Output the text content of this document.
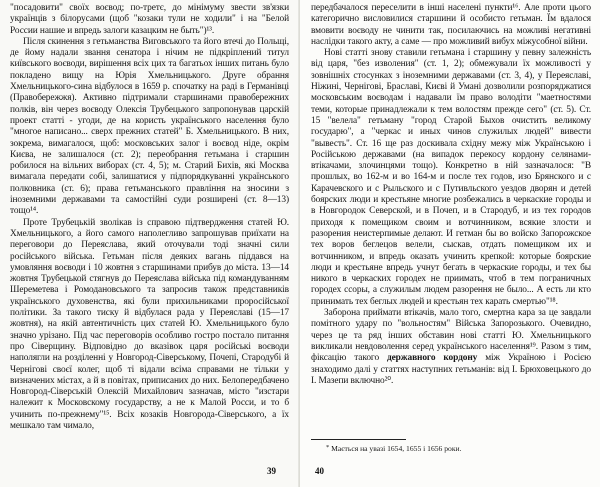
"посадовити" своїх воєвод; по-третє, до мінімуму звести зв'язки українців з білорусами (щоб "козаки тули не ходили" і на "Белой России нашие и впредь залоги казацким не быть")¹³.

Після скинення з гетьманства Виговського та його втечі до Польщі, де йому надали звання сенатора і нічим не підкріплений титул київського воєводи, вирішення всіх цих та багатьох інших питань було покладено вищу на Юрія Хмельницького. Друге обрання Хмельницького-сина відбулося в 1659 р. спочатку на раді в Германівці (Правобережжя). Активно підтримали старшинами правобережних полків, він через воєводу Олексія Трубецького запропонував царскій проект статті - угоди, де на користь українського населення було "многое написано... сверх прежних статей" Б. Хмельницького. В них, зокрема, вимагалося, щоб: московських залог і воєвод ніде, окрім Києва, не залишалося (ст. 2); переобрання гетьмана і старшин робилося на вільних виборах (ст. 4, 5); м. Старий Бихів, які Москва вимагала передати собі, залишатися у підпорядкуванні українського полковника (ст. 6); права гетьманського правління на зносини з іноземними державами та самостійні суди розширені (ст. 8—13) тощо¹⁴.

Проте Трубецькій зволікав із справою підтвердження статей Ю. Хмельницького, а його самого наполегливо запрошував приїхати на переговори до Переяслава, який оточували тоді значні сили російського війська. Гетьман після деяких вагань піддався на умовляння воєводи і 10 жовтня з старшинами прибув до міста. 13—14 жовтня Трубецькой стягнув до Переяслава війська під командуванням Шереметева і Ромодановського та запросив також представників українського духовенства, які були прихильниками проросійської політики. За такого тиску й відбулася рада у Переяславі (15—17 жовтня), на якій автентичність цих статей Ю. Хмельницького було значно урізано. Під час переговорів особливо гостро постало питання про Сіверщину. Відповідно до вказівок царя російські воєводи наполягли на розділенні у Новгород-Сіверському, Почепі, Стародубі й Чернігові своєї колег, щоб ті відали всіма справами не тільки у визначених містах, а й в повітах, приписаних до них. Белопередбачено Новгород-Сіверській Олексій Михайлович зазначав, місто "изстари належит к Московскому государству, а не к Малой Росси, и то б учинить по-прежнему"¹⁵. Всіх козаків Новгорода-Сіверського, а їх мешкало там чимало,

39

передбачалося переселити в інші населені пункти¹⁶. Але проти цього категорично висловилися старшини й особисто гетьман. Їм вдалося вмовити воєводу не чинити так, посилаючись на можливі негативні наслідки такого акту, а саме — про можливий вибух міжусобної війни.

Нові статті знову ставили гетьмана і старшину у певну залежність від царя, "без изволения" (ст. 1, 2); обмежували їх можливості у зовнішніх стосунках з іноземними державами (ст. 3, 4), у Переяславі, Ніжині, Чернігові, Браславі, Києві й Умані дозволили розпоряджатися московським воєводам і надавали їм право володіти "маетностями теми, которые принадлежали к тем волостям прежде сего" (ст. 5). Ст. 15 "велела" гетьману "город Старой Быхов очистить великому государю", а "черкас и иных чинов служилых людей" вивести "вывесть". Ст. 16 ще раз доскивала східну межу між Українською і Російською державами (на випадок перекосу кордону селянами-втікачами, злочинцями тощо). Конкретно в ній зазначалося: "В прошлых, во 162-м и во 164-м и после тех годов, изо Брянского и с Карачевского и с Рыльского и с Путивльского уездов дворян и детей боярских люди и крестьяне многие розбежались в черкаские городы и в Новгородок Северской, и в Почеп, и в Стародуб, и из тех городов приходя к помещиком своим и вотчинником, всякие злости и разорения неистерпимые делают. И гетман бы во войско Запорожское тех воров беглецов велели, сыскав, отдать помещиком их и вотчинником, и впредь оказать учинить крепкой: которые боярские люди и крестьяне впредь учнут бегать в черкаские городы, и тех бы никого в черкаских городех не приимать, чтоб в тем пограничных городех ссоры, а служилым людем разорення не было... А есть ли кто принимать тех беглых людей и крестьян тех карать смертью"¹⁸.

Заборона приймати втікачів, мало того, смертна кара за це завдали помітного удару по "вольностям" Війська Запорозького. Очевидно, через це та ряд інших обставин нові статті Ю. Хмельницького викликали невдоволення серед українського населення¹⁹. Разом з тим, фіксацію такого державного кордону між Україною і Росією знаходимо далі у статтях наступних гетьманів: від І. Брюховецького до І. Мазепи включно²⁰.

* Мається на увазі 1654, 1655 і 1656 роки.
40
